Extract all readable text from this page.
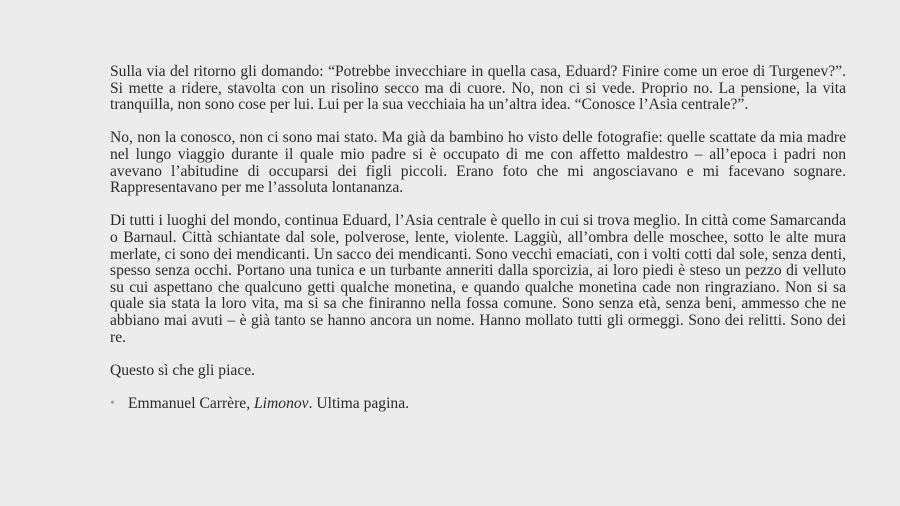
Sulla via del ritorno gli domando: “Potrebbe invecchiare in quella casa, Eduard? Finire come un eroe di Turgenev?”. Si mette a ridere, stavolta con un risolino secco ma di cuore. No, non ci si vede. Proprio no. La pensione, la vita tranquilla, non sono cose per lui. Lui per la sua vecchiaia ha un’altra idea. “Conosce l’Asia centrale?”.

No, non la conosco, non ci sono mai stato. Ma già da bambino ho visto delle fotografie: quelle scattate da mia madre nel lungo viaggio durante il quale mio padre si è occupato di me con affetto maldestro – all’epoca i padri non avevano l’abitudine di occuparsi dei figli piccoli. Erano foto che mi angosciavano e mi facevano sognare. Rappresentavano per me l’assoluta lontananza.

Di tutti i luoghi del mondo, continua Eduard, l’Asia centrale è quello in cui si trova meglio. In città come Samarcanda o Barnaul. Città schiantate dal sole, polverose, lente, violente. Laggiù, all’ombra delle moschee, sotto le alte mura merlate, ci sono dei mendicanti. Un sacco dei mendicanti. Sono vecchi emaciati, con i volti cotti dal sole, senza denti, spesso senza occhi. Portano una tunica e un turbante anneriti dalla sporcizia, ai loro piedi è steso un pezzo di velluto su cui aspettano che qualcuno getti qualche monetina, e quando qualche monetina cade non ringraziano. Non si sa quale sia stata la loro vita, ma si sa che finiranno nella fossa comune. Sono senza età, senza beni, ammesso che ne abbiano mai avuti – è già tanto se hanno ancora un nome. Hanno mollato tutti gli ormeggi. Sono dei relitti. Sono dei re.

Questo sì che gli piace.

• Emmanuel Carrère, Limonov. Ultima pagina.
